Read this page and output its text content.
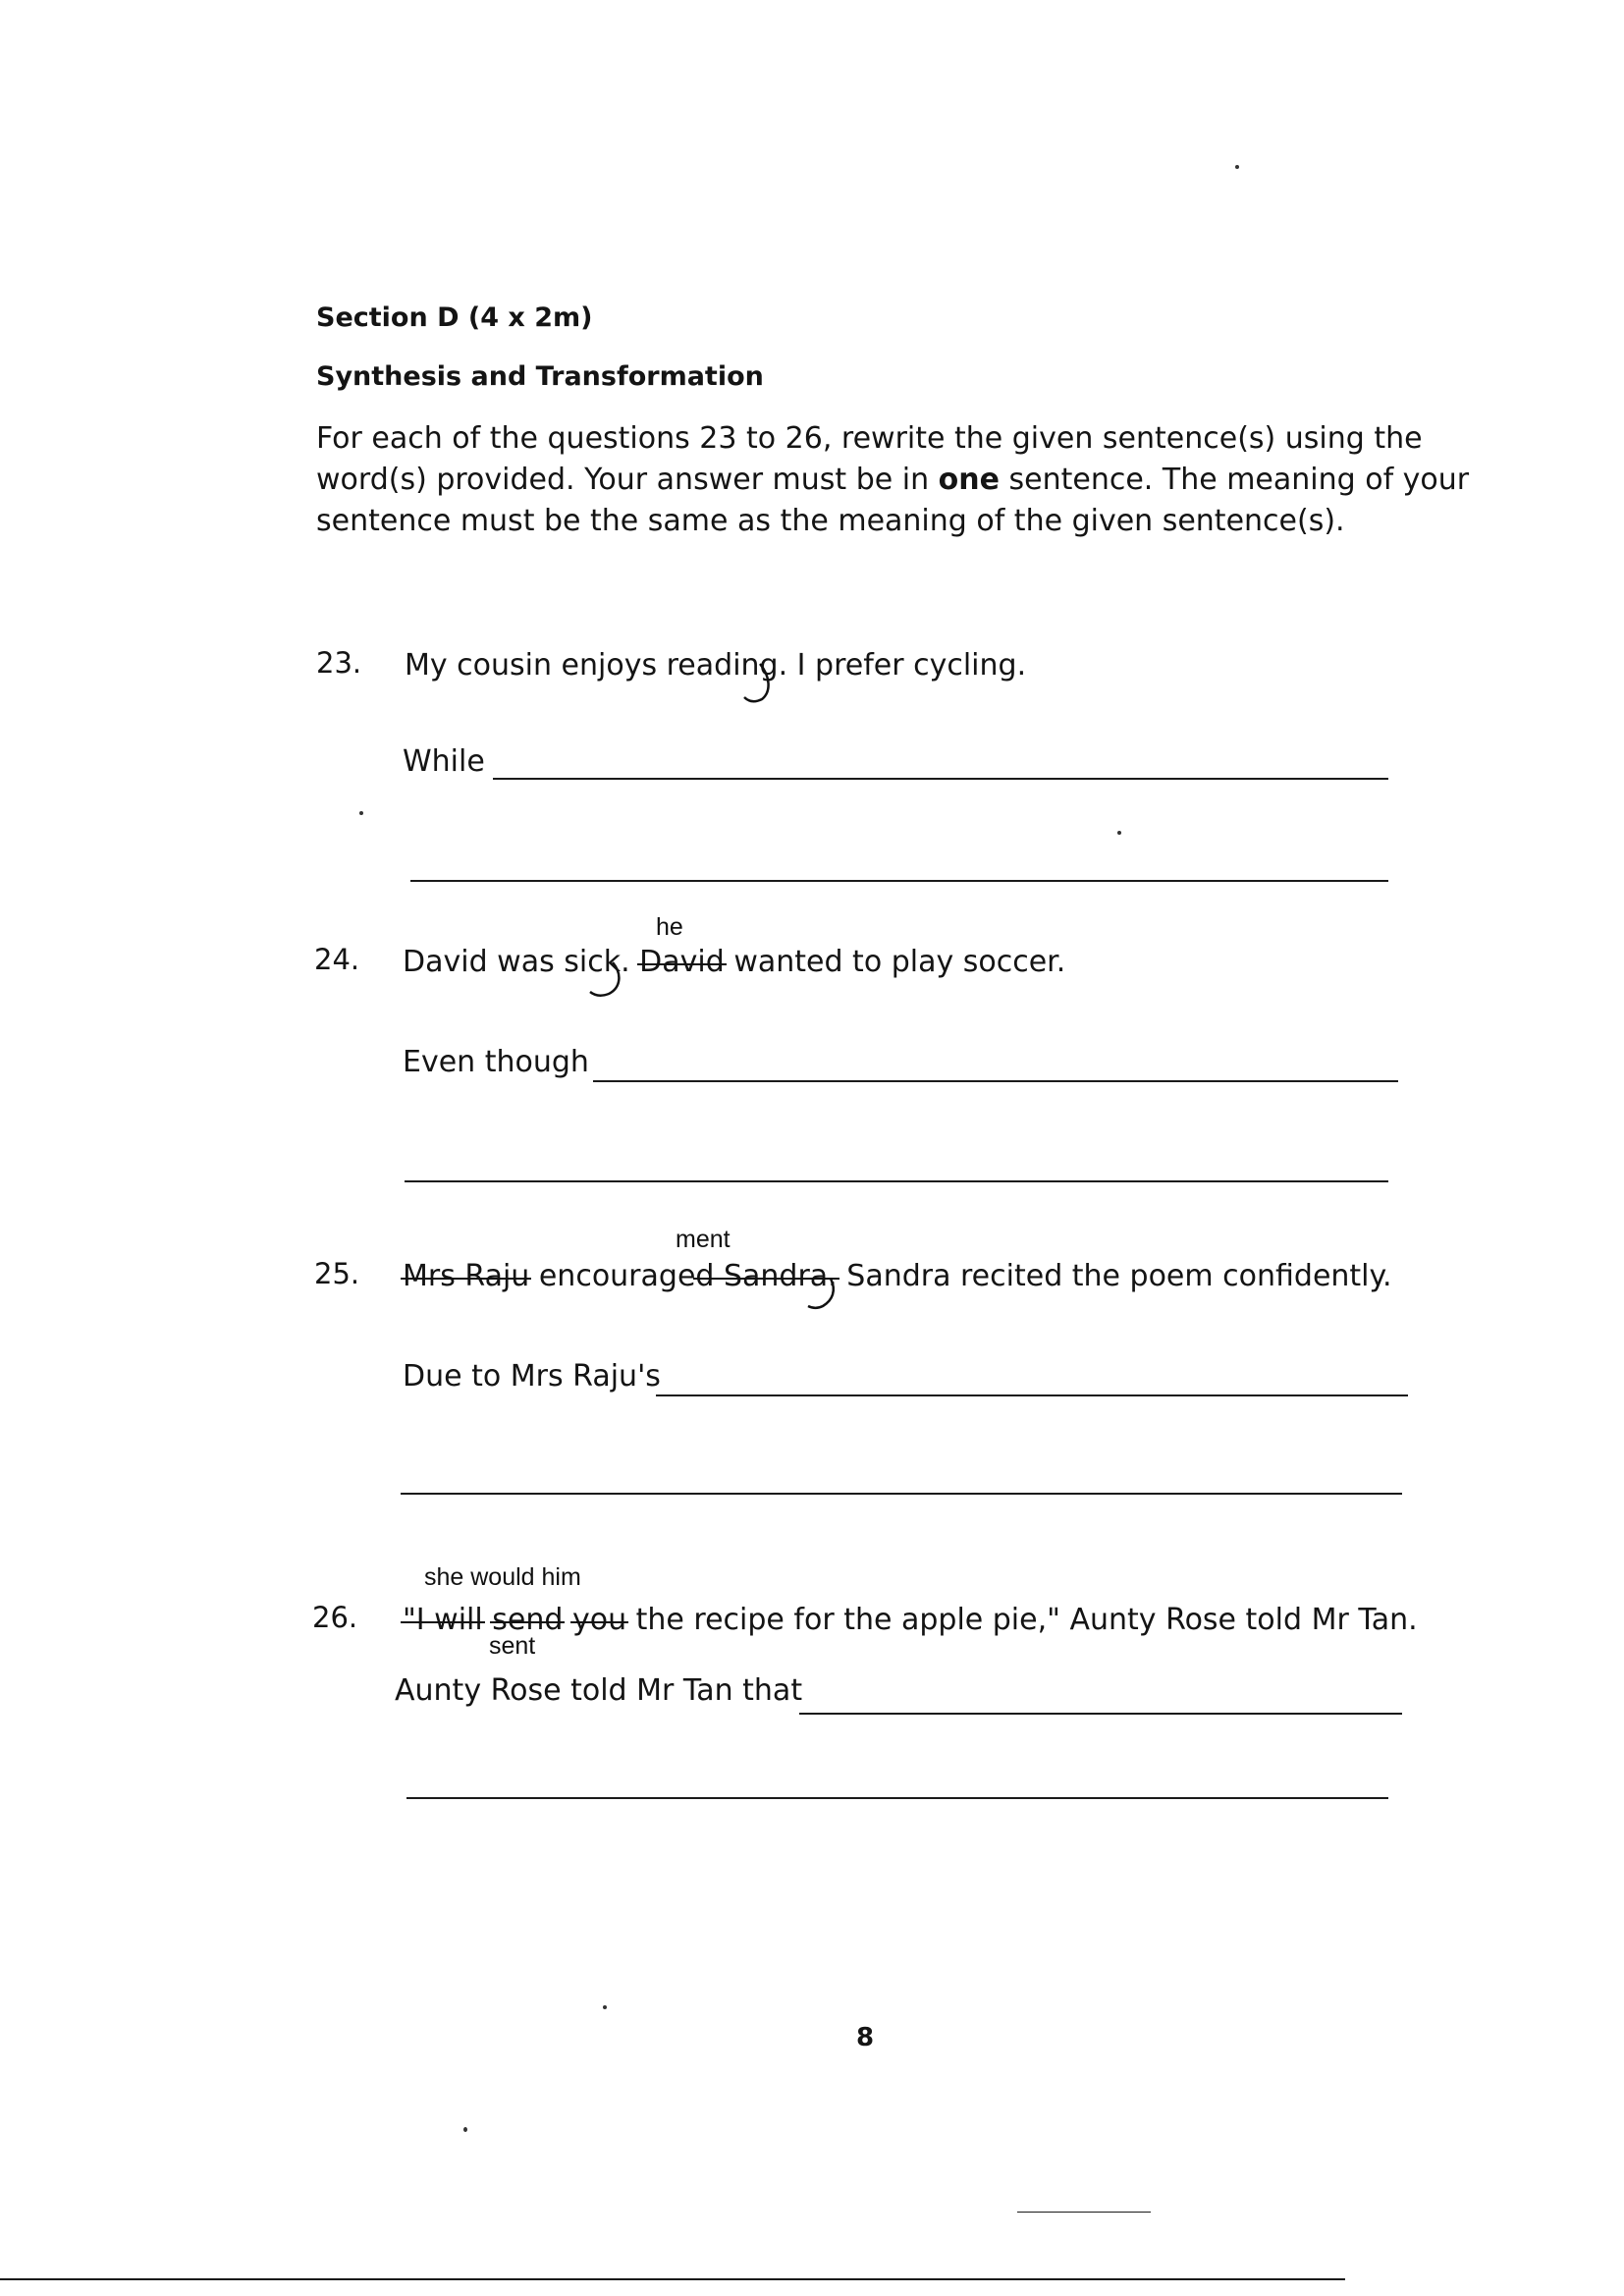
Section D (4 x 2m)
Synthesis and Transformation
For each of the questions 23 to 26, rewrite the given sentence(s) using the
word(s) provided. Your answer must be in one sentence. The meaning of your
sentence must be the same as the meaning of the given sentence(s).
23. My cousin enjoys reading. I prefer cycling.
While
he
24. David was sick. David wanted to play soccer.
Even though
ment
25. Mrs Raju encouraged Sandra. Sandra recited the poem confidently.
Due to Mrs Raju's
she would him
26. "I will send you the recipe for the apple pie," Aunty Rose told Mr Tan.
sent
Aunty Rose told Mr Tan that
8
